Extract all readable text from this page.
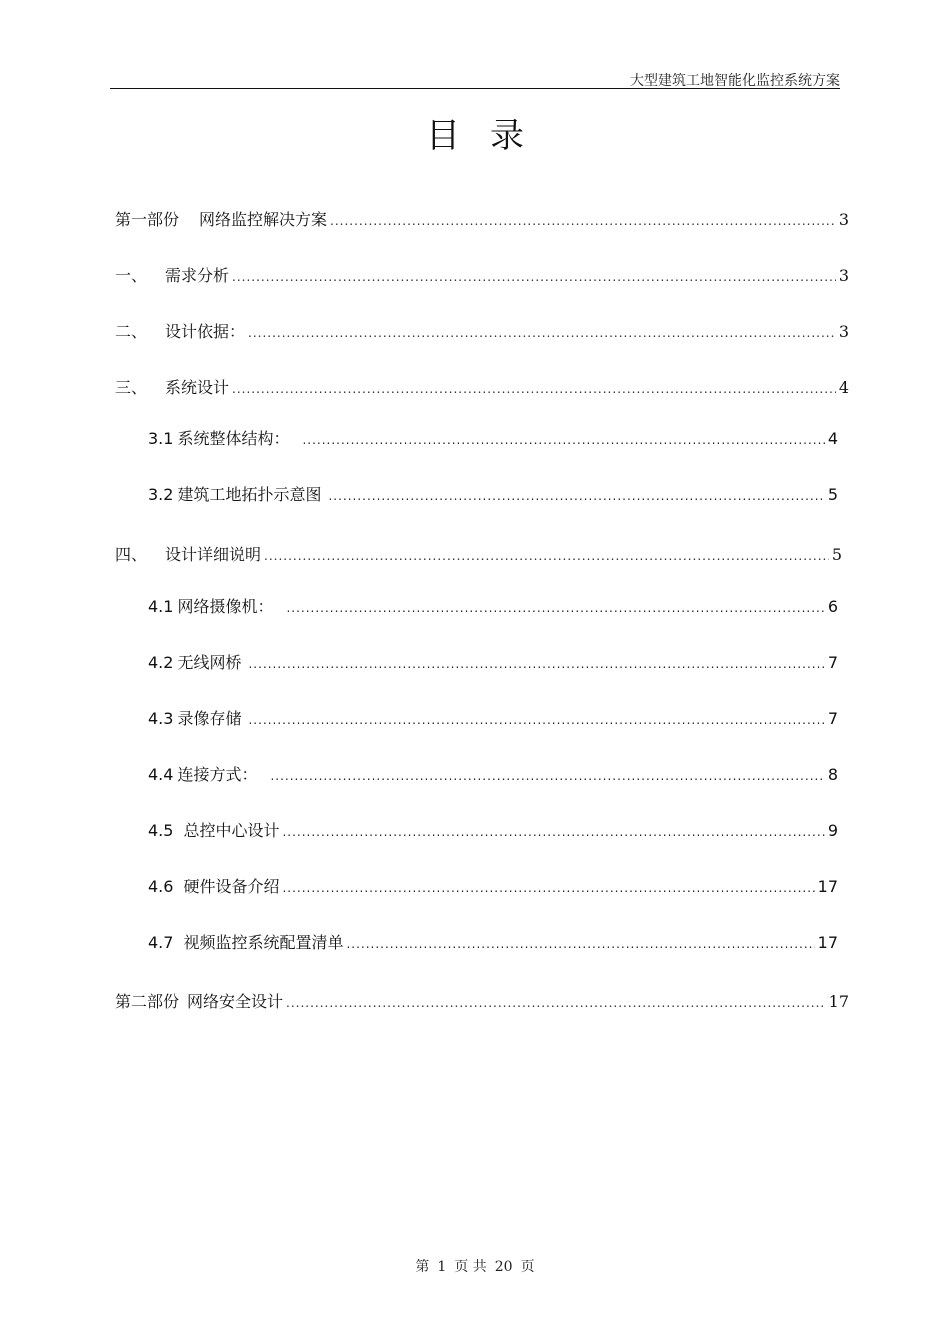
大型建筑工地智能化监控系统方案
目录
第一部份 网络监控解决方案 .....	3
一、 需求分析 .....	3
二、 设计依据： .....	3
三、 系统设计 .....	4
3.1 系统整体结构： .....	4
3.2 建筑工地拓扑示意图 .....	5
四、 设计详细说明 .....	5
4.1 网络摄像机： .....	6
4.2 无线网桥 .....	7
4.3 录像存储 .....	7
4.4 连接方式： .....	8
4.5 总控中心设计 .....	9
4.6 硬件设备介绍 .....	17
4.7 视频监控系统配置清单 .....	17
第二部份 网络安全设计 .....	17
第 1 页 共 20 页
